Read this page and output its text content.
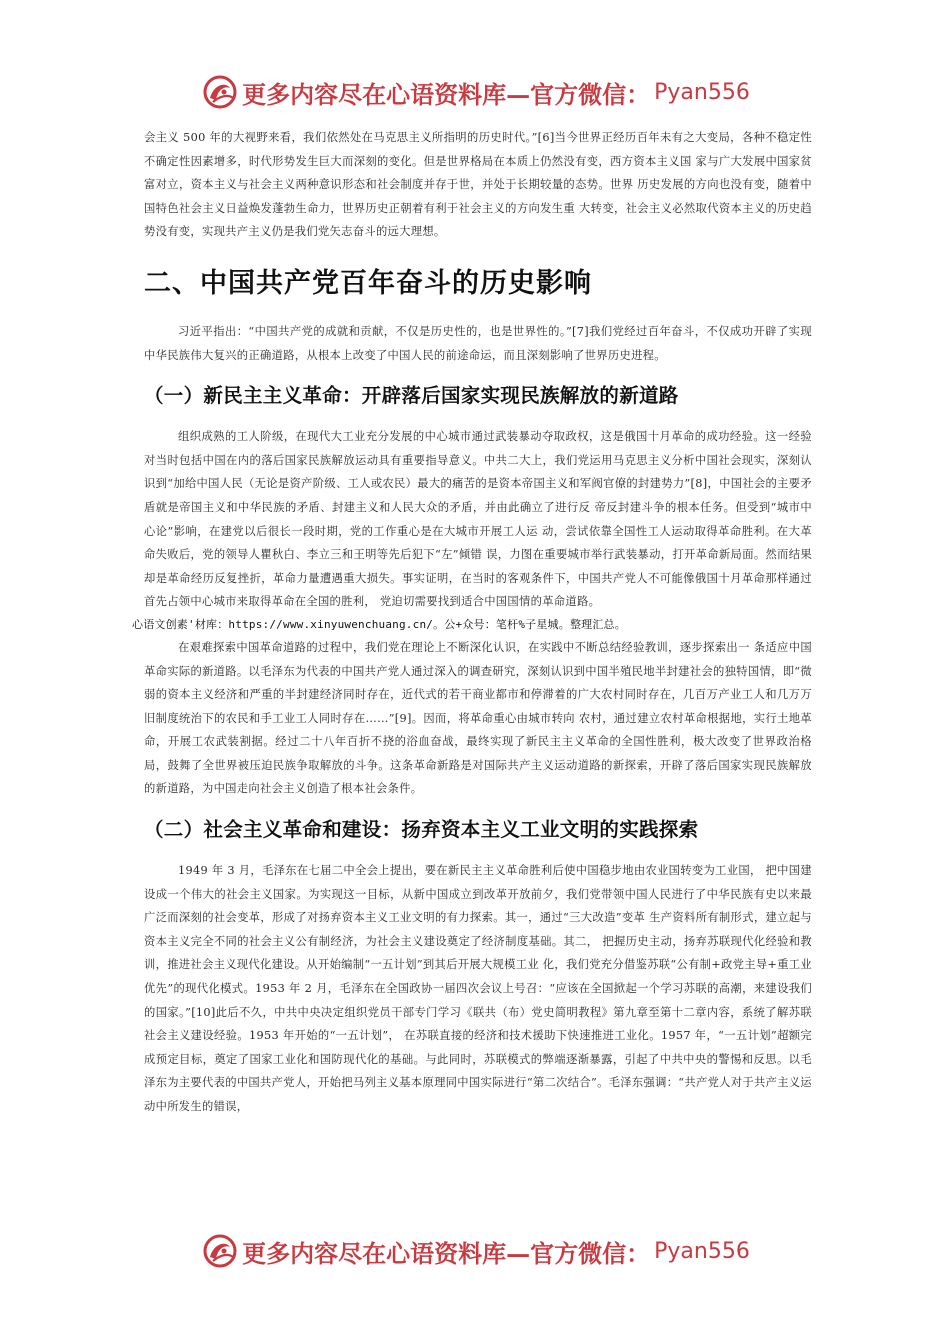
更多内容尽在心语资料库—官方微信： Pyan556

会主义 500 年的大视野来看，我们依然处在马克思主义所指明的历史时代。”[6]当今世界正经历百年未有之大变局，各种不稳定性不确定性因素增多，时代形势发生巨大而深刻的变化。但是世界格局在本质上仍然没有变，西方资本主义国 家与广大发展中国家贫富对立，资本主义与社会主义两种意识形态和社会制度并存于世，并处于长期较量的态势。世界 历史发展的方向也没有变，随着中国特色社会主义日益焕发蓬勃生命力，世界历史正朝着有利于社会主义的方向发生重 大转变，社会主义必然取代资本主义的历史趋势没有变，实现共产主义仍是我们党矢志奋斗的远大理想。

二、中国共产党百年奋斗的历史影响

习近平指出：“中国共产党的成就和贡献，不仅是历史性的，也是世界性的。”[7]我们党经过百年奋斗，不仅成功开辟了实现中华民族伟大复兴的正确道路，从根本上改变了中国人民的前途命运，而且深刻影响了世界历史进程。

（一）新民主主义革命：开辟落后国家实现民族解放的新道路

组织成熟的工人阶级，在现代大工业充分发展的中心城市通过武装暴动夺取政权，这是俄国十月革命的成功经验。这一经验对当时包括中国在内的落后国家民族解放运动具有重要指导意义。中共二大上，我们党运用马克思主义分析中国社会现实，深刻认识到“加给中国人民（无论是资产阶级、工人或农民）最大的痛苦的是资本帝国主义和军阀官僚的封建势力”[8]，中国社会的主要矛盾就是帝国主义和中华民族的矛盾、封建主义和人民大众的矛盾，并由此确立了进行反 帝反封建斗争的根本任务。但受到“城市中心论”影响，在建党以后很长一段时期，党的工作重心是在大城市开展工人运 动，尝试依靠全国性工人运动取得革命胜利。在大革命失败后，党的领导人瞿秋白、李立三和王明等先后犯下“左”倾错 误，力图在重要城市举行武装暴动，打开革命新局面。然而结果却是革命经历反复挫折，革命力量遭遇重大损失。事实证明，在当时的客观条件下，中国共产党人不可能像俄国十月革命那样通过首先占领中心城市来取得革命在全国的胜利， 党迫切需要找到适合中国国情的革命道路。

心语文创素'材库：https://www.xinyuwenchuang.cn/。公+众号：笔杆%子星城。整理汇总。

在艰难探索中国革命道路的过程中，我们党在理论上不断深化认识，在实践中不断总结经验教训，逐步探索出一 条适应中国革命实际的新道路。以毛泽东为代表的中国共产党人通过深入的调查研究，深刻认识到中国半殖民地半封建社会的独特国情，即“微弱的资本主义经济和严重的半封建经济同时存在，近代式的若干商业都市和停滞着的广大农村同时存在，几百万产业工人和几万万旧制度统治下的农民和手工业工人同时存在……”[9]。因而，将革命重心由城市转向 农村，通过建立农村革命根据地，实行土地革命，开展工农武装割据。经过二十八年百折不挠的浴血奋战，最终实现了新民主主义革命的全国性胜利，极大改变了世界政治格局，鼓舞了全世界被压迫民族争取解放的斗争。这条革命新路是对国际共产主义运动道路的新探索，开辟了落后国家实现民族解放的新道路，为中国走向社会主义创造了根本社会条件。

（二）社会主义革命和建设：扬弃资本主义工业文明的实践探索

1949 年 3 月，毛泽东在七届二中全会上提出，要在新民主主义革命胜利后使中国稳步地由农业国转变为工业国， 把中国建设成一个伟大的社会主义国家。为实现这一目标，从新中国成立到改革开放前夕，我们党带领中国人民进行了中华民族有史以来最广泛而深刻的社会变革，形成了对扬弃资本主义工业文明的有力探索。其一，通过“三大改造”变革 生产资料所有制形式，建立起与资本主义完全不同的社会主义公有制经济，为社会主义建设奠定了经济制度基础。其二， 把握历史主动，扬弃苏联现代化经验和教训，推进社会主义现代化建设。从开始编制“一五计划”到其后开展大规模工业 化，我们党充分借鉴苏联“公有制+政党主导+重工业优先”的现代化模式。1953 年 2 月，毛泽东在全国政协一届四次会议上号召：“应该在全国掀起一个学习苏联的高潮，来建设我们的国家。”[10]此后不久，中共中央决定组织党员干部专门学习《联共（布）党史简明教程》第九章至第十二章内容，系统了解苏联社会主义建设经验。1953 年开始的“一五计划”， 在苏联直接的经济和技术援助下快速推进工业化。1957 年，“一五计划”超额完成预定目标，奠定了国家工业化和国防现代化的基础。与此同时，苏联模式的弊端逐渐暴露，引起了中共中央的警惕和反思。以毛泽东为主要代表的中国共产党人，开始把马列主义基本原理同中国实际进行“第二次结合”。毛泽东强调：“共产党人对于共产主义运动中所发生的错误，

更多内容尽在心语资料库—官方微信： Pyan556
